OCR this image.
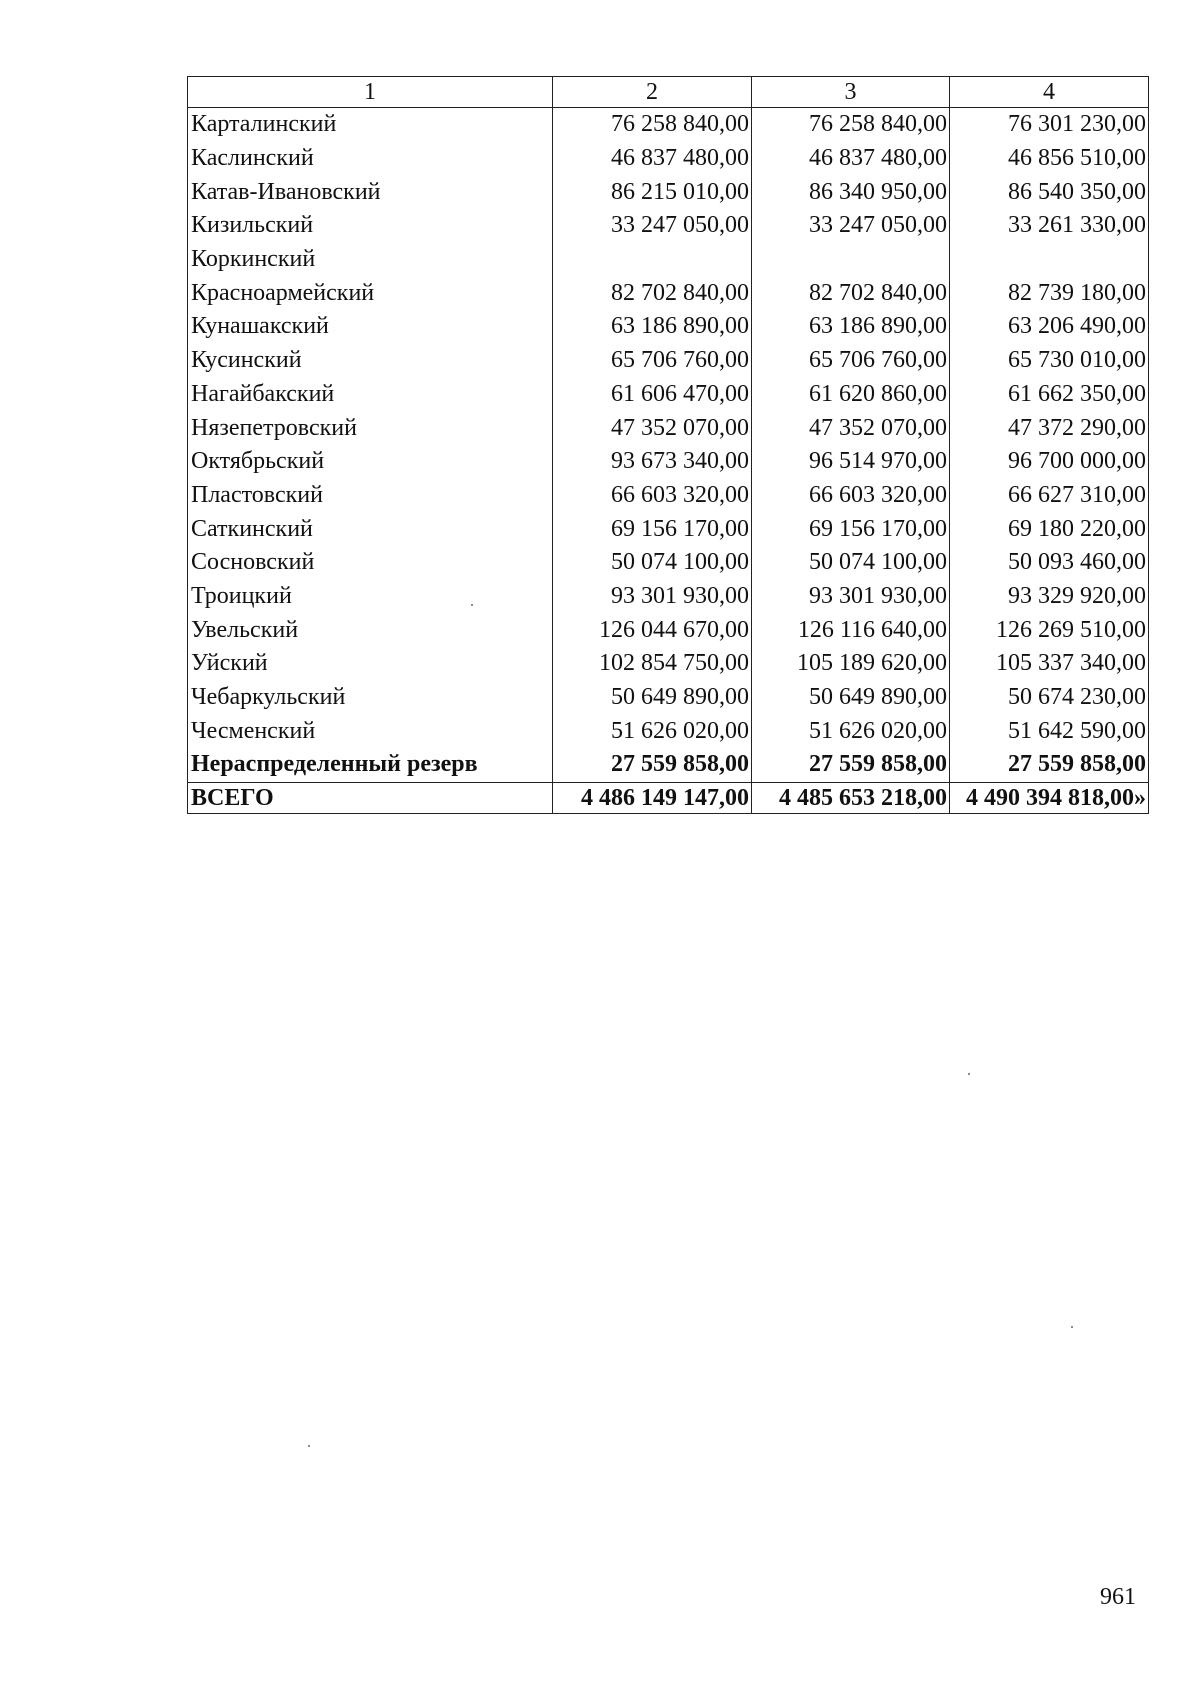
1	2	3	4
Карталинский	76 258 840,00	76 258 840,00	76 301 230,00
Каслинский	46 837 480,00	46 837 480,00	46 856 510,00
Катав-Ивановский	86 215 010,00	86 340 950,00	86 540 350,00
Кизильский	33 247 050,00	33 247 050,00	33 261 330,00
Коркинский			
Красноармейский	82 702 840,00	82 702 840,00	82 739 180,00
Кунашакский	63 186 890,00	63 186 890,00	63 206 490,00
Кусинский	65 706 760,00	65 706 760,00	65 730 010,00
Нагайбакский	61 606 470,00	61 620 860,00	61 662 350,00
Нязепетровский	47 352 070,00	47 352 070,00	47 372 290,00
Октябрьский	93 673 340,00	96 514 970,00	96 700 000,00
Пластовский	66 603 320,00	66 603 320,00	66 627 310,00
Саткинский	69 156 170,00	69 156 170,00	69 180 220,00
Сосновский	50 074 100,00	50 074 100,00	50 093 460,00
Троицкий	93 301 930,00	93 301 930,00	93 329 920,00
Увельский	126 044 670,00	126 116 640,00	126 269 510,00
Уйский	102 854 750,00	105 189 620,00	105 337 340,00
Чебаркульский	50 649 890,00	50 649 890,00	50 674 230,00
Чесменский	51 626 020,00	51 626 020,00	51 642 590,00
Нераспределенный резерв	27 559 858,00	27 559 858,00	27 559 858,00
ВСЕГО	4 486 149 147,00	4 485 653 218,00	4 490 394 818,00»
961
